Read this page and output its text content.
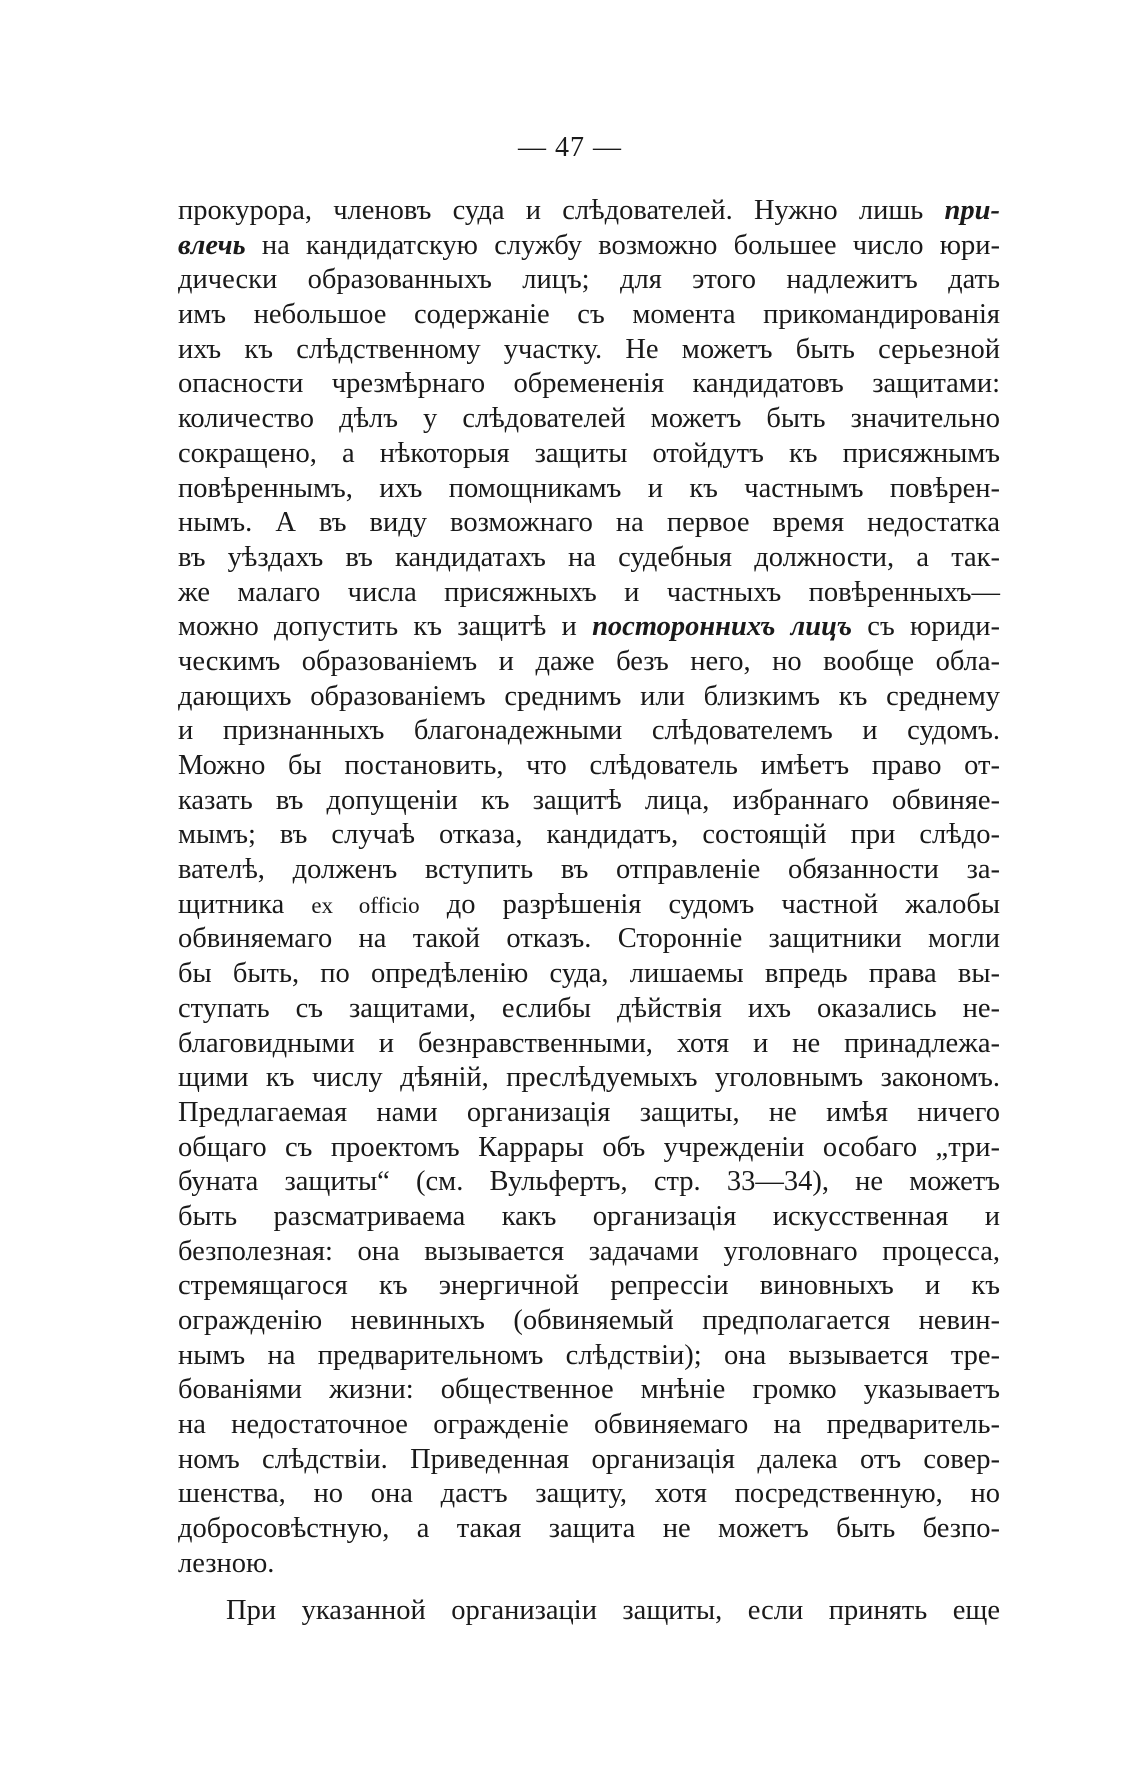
— 47 —
прокурора, членовъ суда и слѣдователей. Нужно лишь при-
влечь на кандидатскую службу возможно большее число юри-
дически образованныхъ лицъ; для этого надлежитъ дать
имъ небольшое содержаніе съ момента прикомандированія
ихъ къ слѣдственному участку. Не можетъ быть серьезной
опасности чрезмѣрнаго обремененія кандидатовъ защитами:
количество дѣлъ у слѣдователей можетъ быть значительно
сокращено, а нѣкоторыя защиты отойдутъ къ присяжнымъ
повѣреннымъ, ихъ помощникамъ и къ частнымъ повѣрен-
нымъ. А въ виду возможнаго на первое время недостатка
въ уѣздахъ въ кандидатахъ на судебныя должности, а так-
же малаго числа присяжныхъ и частныхъ повѣренныхъ—
можно допустить къ защитѣ и постороннихъ лицъ съ юриди-
ческимъ образованіемъ и даже безъ него, но вообще обла-
дающихъ образованіемъ среднимъ или близкимъ къ среднему
и признанныхъ благонадежными слѣдователемъ и судомъ.
Можно бы постановить, что слѣдователь имѣетъ право от-
казать въ допущеніи къ защитѣ лица, избраннаго обвиняе-
мымъ; въ случаѣ отказа, кандидатъ, состоящій при слѣдо-
вателѣ, долженъ вступить въ отправленіе обязанности за-
щитника ex officio до разрѣшенія судомъ частной жалобы
обвиняемаго на такой отказъ. Сторонніе защитники могли
бы быть, по опредѣленію суда, лишаемы впредь права вы-
ступать съ защитами, еслибы дѣйствія ихъ оказались не-
благовидными и безнравственными, хотя и не принадлежа-
щими къ числу дѣяній, преслѣдуемыхъ уголовнымъ закономъ.
Предлагаемая нами организація защиты, не имѣя ничего
общаго съ проектомъ Каррары объ учрежденіи особаго „три-
буната защиты“ (см. Вульфертъ, стр. 33—34), не можетъ
быть разсматриваема какъ организація искусственная и
безполезная: она вызывается задачами уголовнаго процесса,
стремящагося къ энергичной репрессіи виновныхъ и къ
огражденію невинныхъ (обвиняемый предполагается невин-
нымъ на предварительномъ слѣдствіи); она вызывается тре-
бованіями жизни: общественное мнѣніе громко указываетъ
на недостаточное огражденіе обвиняемаго на предваритель-
номъ слѣдствіи. Приведенная организація далека отъ совер-
шенства, но она дастъ защиту, хотя посредственную, но
добросовѣстную, а такая защита не можетъ быть безпо-
лезною.
При указанной организаціи защиты, если принять еще
